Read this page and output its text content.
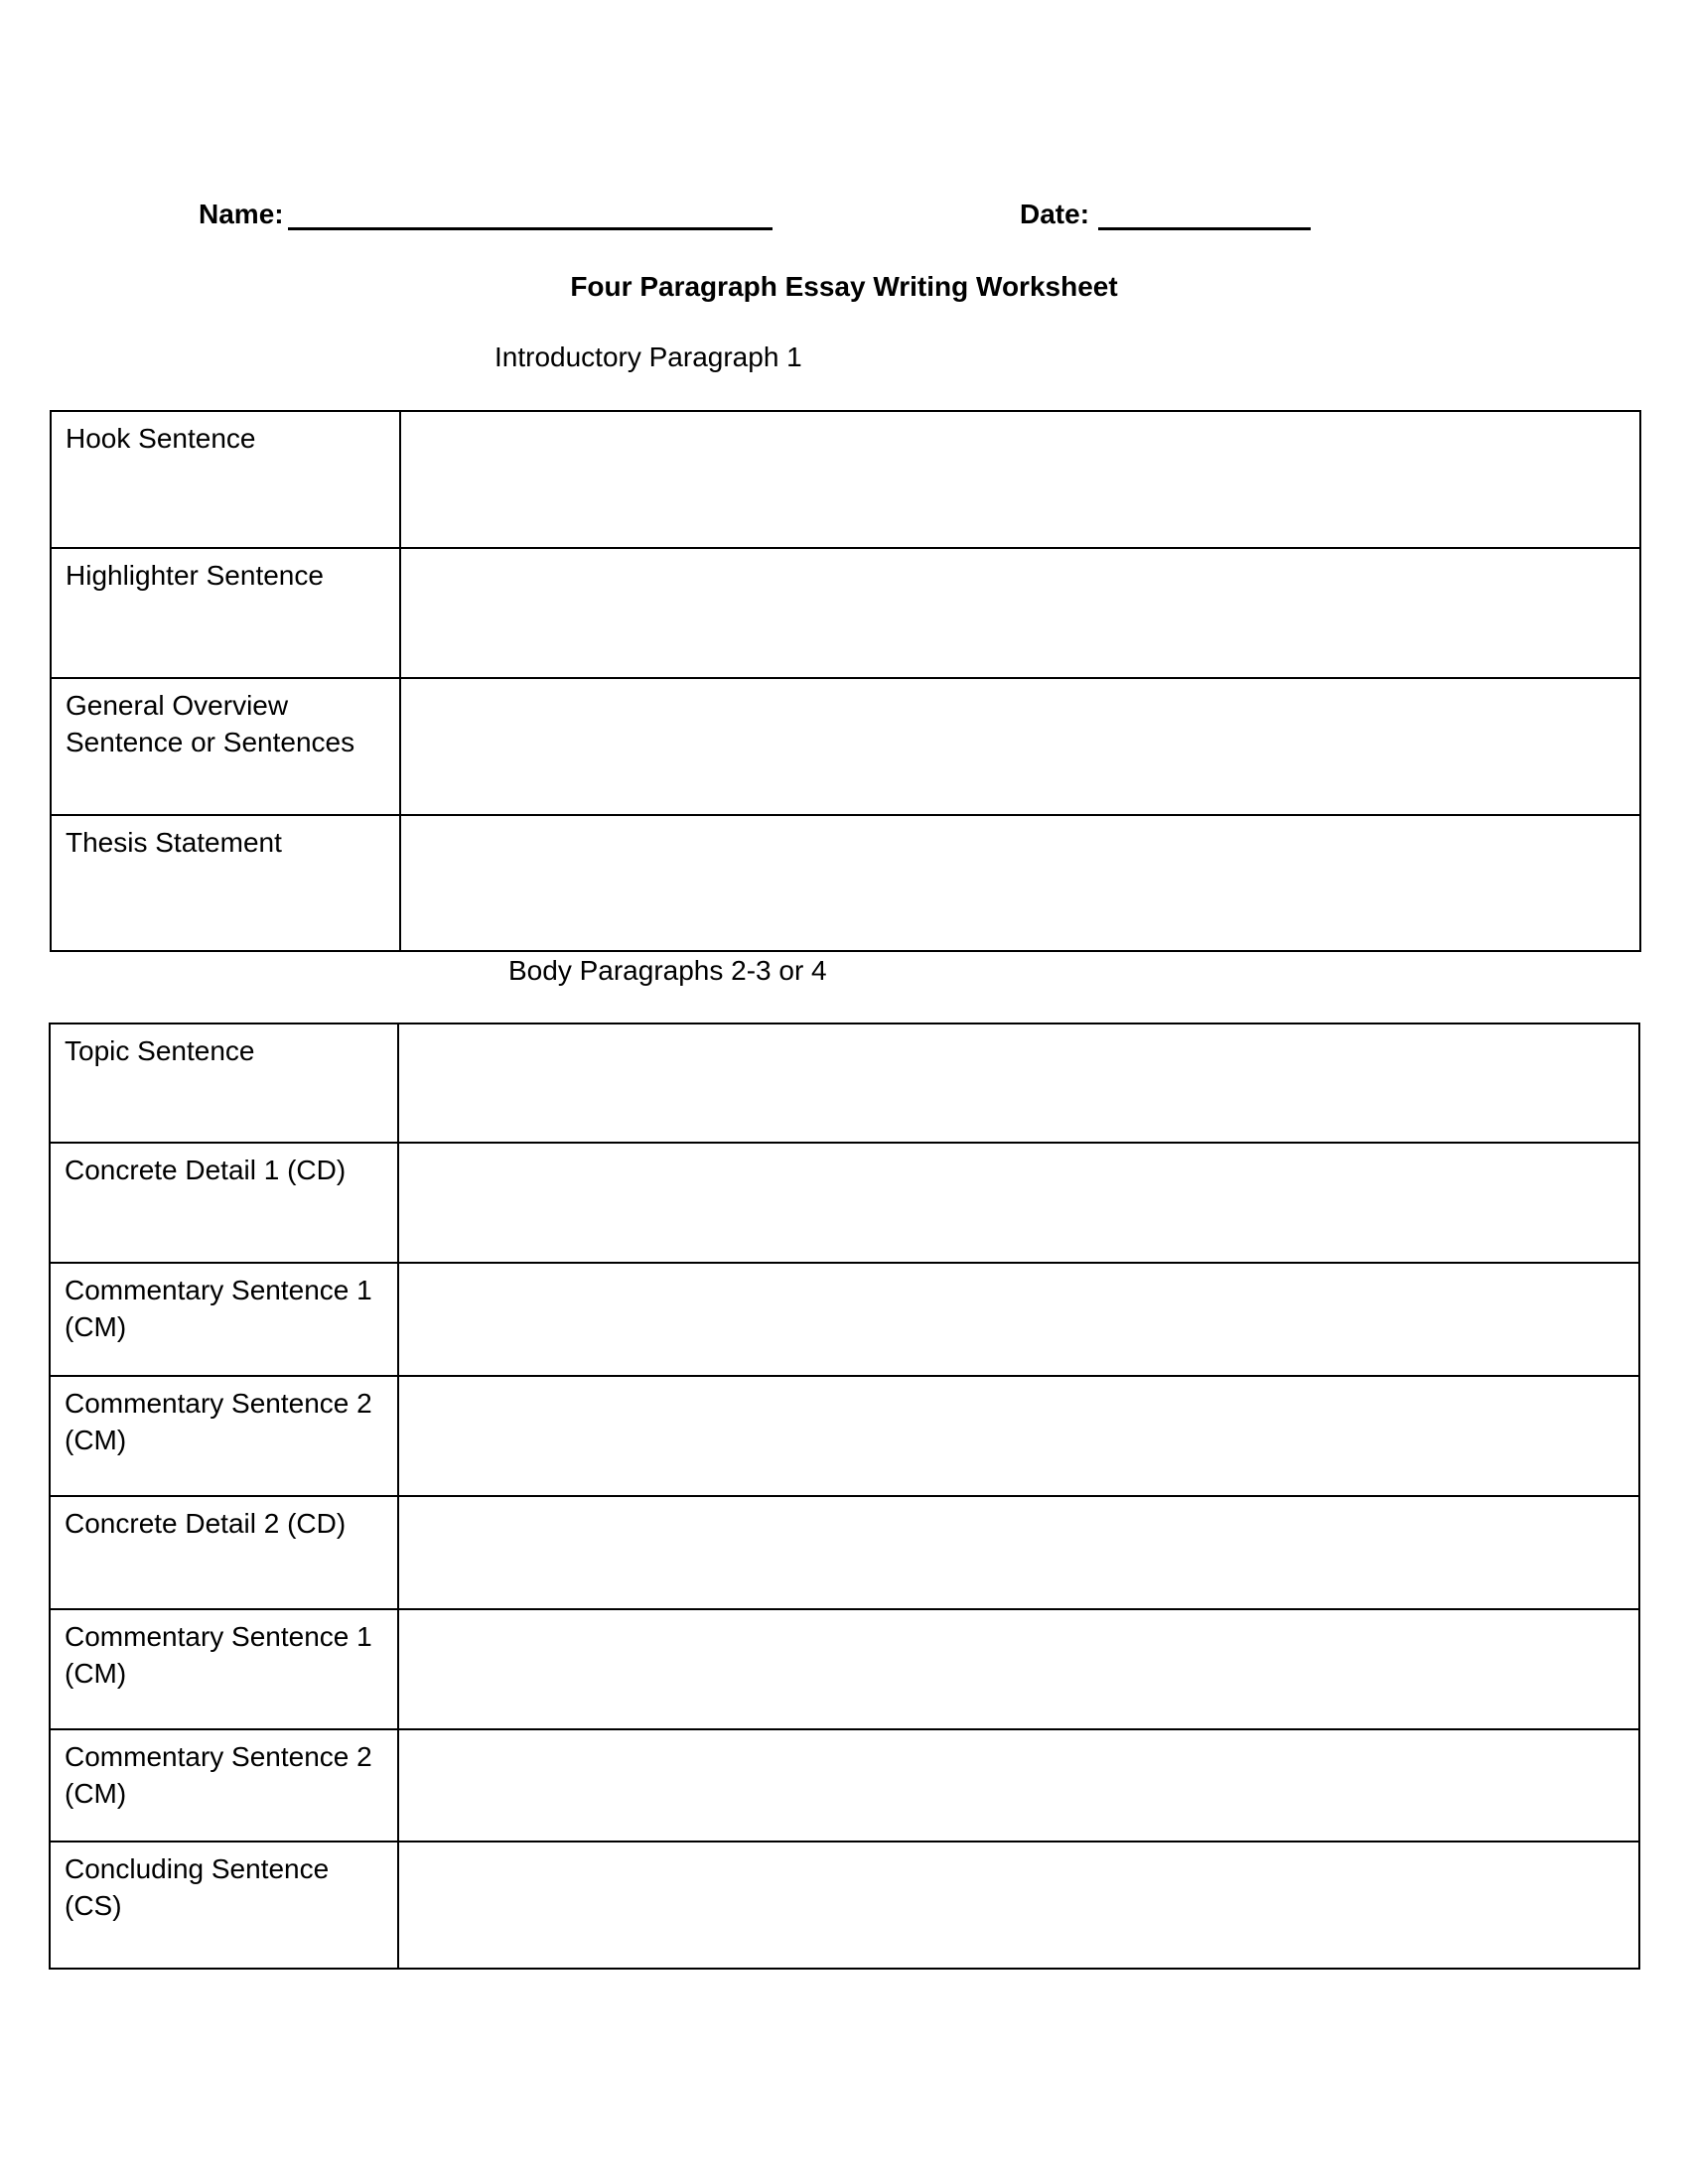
Name:	Date:
Four Paragraph Essay Writing Worksheet
Introductory Paragraph 1
Hook Sentence	
Highlighter Sentence	
General Overview Sentence or Sentences	
Thesis Statement	
Body Paragraphs 2-3 or 4
Topic Sentence	
Concrete Detail 1 (CD)	
Commentary Sentence 1 (CM)	
Commentary Sentence 2 (CM)	
Concrete Detail 2 (CD)	
Commentary Sentence 1 (CM)	
Commentary Sentence 2 (CM)	
Concluding Sentence (CS)	
